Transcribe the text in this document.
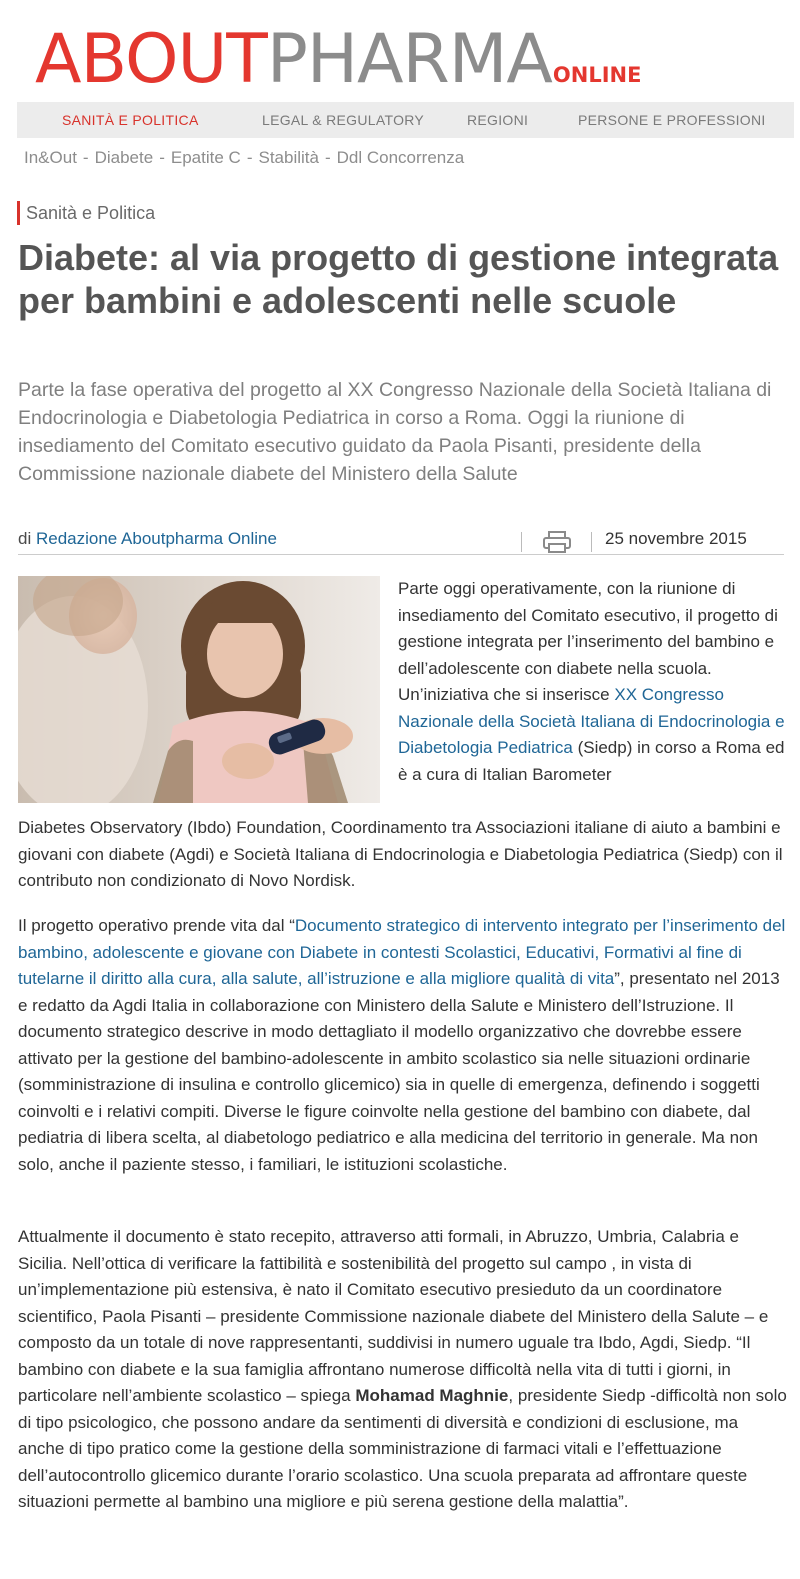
ABOUTPHARMAONLINE
SANITÀ E POLITICA	LEGAL & REGULATORY	REGIONI	PERSONE E PROFESSIONI
In&Out - Diabete - Epatite C - Stabilità - Ddl Concorrenza
Sanità e Politica
Diabete: al via progetto di gestione integrata per bambini e adolescenti nelle scuole

Parte la fase operativa del progetto al XX Congresso Nazionale della Società Italiana di Endocrinologia e Diabetologia Pediatrica in corso a Roma. Oggi la riunione di insediamento del Comitato esecutivo guidato da Paola Pisanti, presidente della Commissione nazionale diabete del Ministero della Salute

di Redazione Aboutpharma Online	25 novembre 2015

Parte oggi operativamente, con la riunione di insediamento del Comitato esecutivo, il progetto di gestione integrata per l’inserimento del bambino e dell’adolescente con diabete nella scuola. Un’iniziativa che si inserisce XX Congresso Nazionale della Società Italiana di Endocrinologia e Diabetologia Pediatrica (Siedp) in corso a Roma ed è a cura di Italian Barometer

Diabetes Observatory (Ibdo) Foundation, Coordinamento tra Associazioni italiane di aiuto a bambini e giovani con diabete (Agdi) e Società Italiana di Endocrinologia e Diabetologia Pediatrica (Siedp) con il contributo non condizionato di Novo Nordisk.

Il progetto operativo prende vita dal “Documento strategico di intervento integrato per l’inserimento del bambino, adolescente e giovane con Diabete in contesti Scolastici, Educativi, Formativi al fine di tutelarne il diritto alla cura, alla salute, all’istruzione e alla migliore qualità di vita”, presentato nel 2013 e redatto da Agdi Italia in collaborazione con Ministero della Salute e Ministero dell’Istruzione. Il documento strategico descrive in modo dettagliato il modello organizzativo che dovrebbe essere attivato per la gestione del bambino-adolescente in ambito scolastico sia nelle situazioni ordinarie (somministrazione di insulina e controllo glicemico) sia in quelle di emergenza, definendo i soggetti coinvolti e i relativi compiti. Diverse le figure coinvolte nella gestione del bambino con diabete, dal pediatria di libera scelta, al diabetologo pediatrico e alla medicina del territorio in generale. Ma non solo, anche il paziente stesso, i familiari, le istituzioni scolastiche.

Attualmente il documento è stato recepito, attraverso atti formali, in Abruzzo, Umbria, Calabria e Sicilia. Nell’ottica di verificare la fattibilità e sostenibilità del progetto sul campo , in vista di un’implementazione più estensiva, è nato il Comitato esecutivo presieduto da un coordinatore scientifico, Paola Pisanti – presidente Commissione nazionale diabete del Ministero della Salute – e composto da un totale di nove rappresentanti, suddivisi in numero uguale tra Ibdo, Agdi, Siedp. “Il bambino con diabete e la sua famiglia affrontano numerose difficoltà nella vita di tutti i giorni, in particolare nell’ambiente scolastico – spiega Mohamad Maghnie, presidente Siedp -difficoltà non solo di tipo psicologico, che possono andare da sentimenti di diversità e condizioni di esclusione, ma anche di tipo pratico come la gestione della somministrazione di farmaci vitali e l’effettuazione dell’autocontrollo glicemico durante l’orario scolastico. Una scuola preparata ad affrontare queste situazioni permette al bambino una migliore e più serena gestione della malattia”.
